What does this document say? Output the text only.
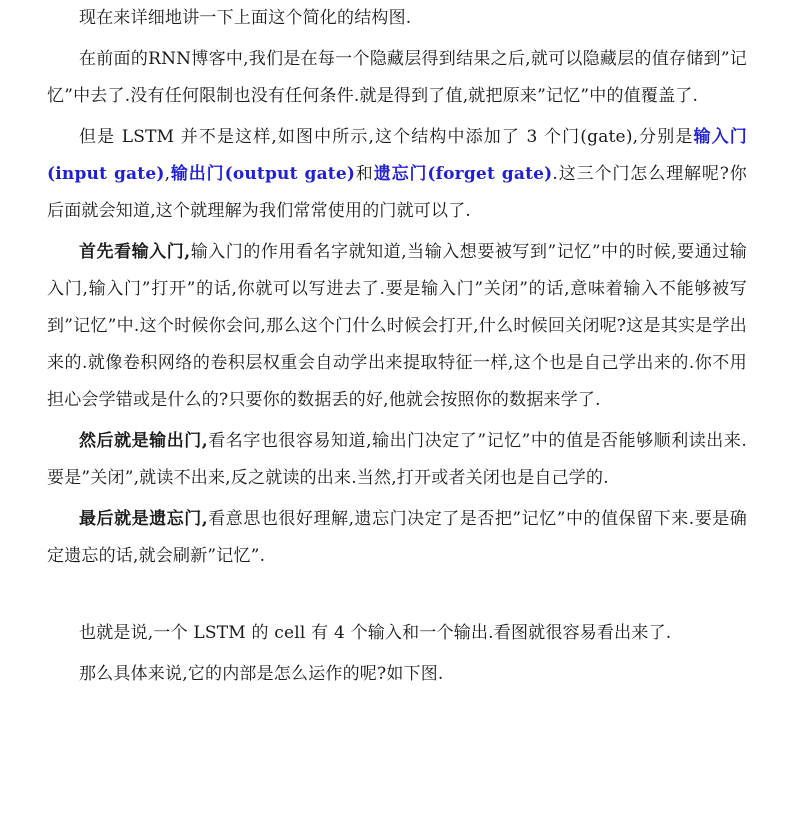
现在来详细地讲一下上面这个简化的结构图.

在前面的RNN博客中,我们是在每一个隐藏层得到结果之后,就可以隐藏层的值存储到”记忆”中去了.没有任何限制也没有任何条件.就是得到了值,就把原来”记忆”中的值覆盖了.

但是 LSTM 并不是这样,如图中所示,这个结构中添加了 3 个门(gate),分别是输入门(input gate),输出门(output gate)和遗忘门(forget gate).这三个门怎么理解呢?你后面就会知道,这个就理解为我们常常使用的门就可以了.

首先看输入门,输入门的作用看名字就知道,当输入想要被写到”记忆”中的时候,要通过输入门,输入门”打开”的话,你就可以写进去了.要是输入门”关闭”的话,意味着输入不能够被写到”记忆”中.这个时候你会问,那么这个门什么时候会打开,什么时候回关闭呢?这是其实是学出来的.就像卷积网络的卷积层权重会自动学出来提取特征一样,这个也是自己学出来的.你不用担心会学错或是什么的?只要你的数据丢的好,他就会按照你的数据来学了.

然后就是输出门,看名字也很容易知道,输出门决定了”记忆”中的值是否能够顺利读出来.要是”关闭”,就读不出来,反之就读的出来.当然,打开或者关闭也是自己学的.

最后就是遗忘门,看意思也很好理解,遗忘门决定了是否把”记忆”中的值保留下来.要是确定遗忘的话,就会刷新”记忆”.

也就是说,一个 LSTM 的 cell 有 4 个输入和一个输出.看图就很容易看出来了.

那么具体来说,它的内部是怎么运作的呢?如下图.
